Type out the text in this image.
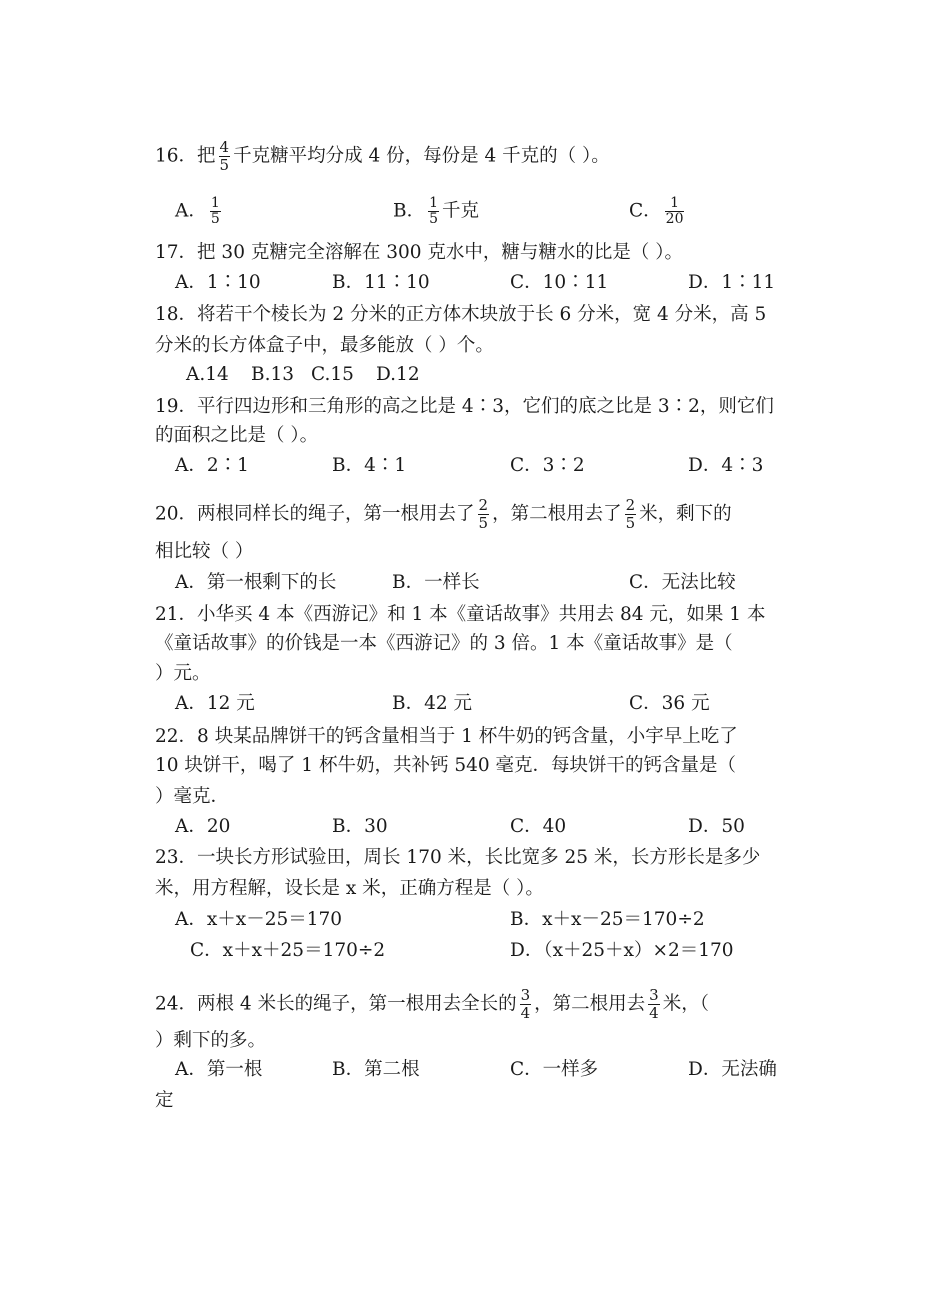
16．把 $\frac{4}{5}$ 千克糖平均分成 4 份，每份是 4 千克的（ ）。
A． $\frac{1}{5}$	B． $\frac{1}{5}$ 千克	C． $\frac{1}{20}$
17．把 30 克糖完全溶解在 300 克水中，糖与糖水的比是（ ）。
A．1∶10	B．11∶10	C．10∶11	D．1∶11
18．将若干个棱长为 2 分米的正方体木块放于长 6 分米，宽 4 分米，高 5
分米的长方体盒子中，最多能放（ ）个。
A.14 B.13 C.15 D.12
19．平行四边形和三角形的高之比是 4∶3，它们的底之比是 3∶2，则它们
的面积之比是（ ）。
A．2∶1	B．4∶1	C．3∶2	D．4∶3
20．两根同样长的绳子，第一根用去了 $\frac{2}{5}$ ，第二根用去了 $\frac{2}{5}$ 米，剩下的
相比较（ ）
A．第一根剩下的长	B．一样长	C．无法比较
21．小华买 4 本《西游记》和 1 本《童话故事》共用去 84 元，如果 1 本
《童话故事》的价钱是一本《西游记》的 3 倍。1 本《童话故事》是（
）元。
A．12 元	B．42 元	C．36 元
22．8 块某品牌饼干的钙含量相当于 1 杯牛奶的钙含量，小宇早上吃了
10 块饼干，喝了 1 杯牛奶，共补钙 540 毫克．每块饼干的钙含量是（
）毫克．
A．20	B．30	C．40	D．50
23．一块长方形试验田，周长 170 米，长比宽多 25 米，长方形长是多少
米，用方程解，设长是 x 米，正确方程是（ ）。
A．x＋x－25＝170	B．x＋x－25＝170÷2
C．x＋x＋25＝170÷2	D．（x＋25＋x）×2＝170
24．两根 4 米长的绳子，第一根用去全长的 $\frac{3}{4}$ ，第二根用去 $\frac{3}{4}$ 米，（
）剩下的多。
A．第一根	B．第二根	C．一样多	D．无法确
定
